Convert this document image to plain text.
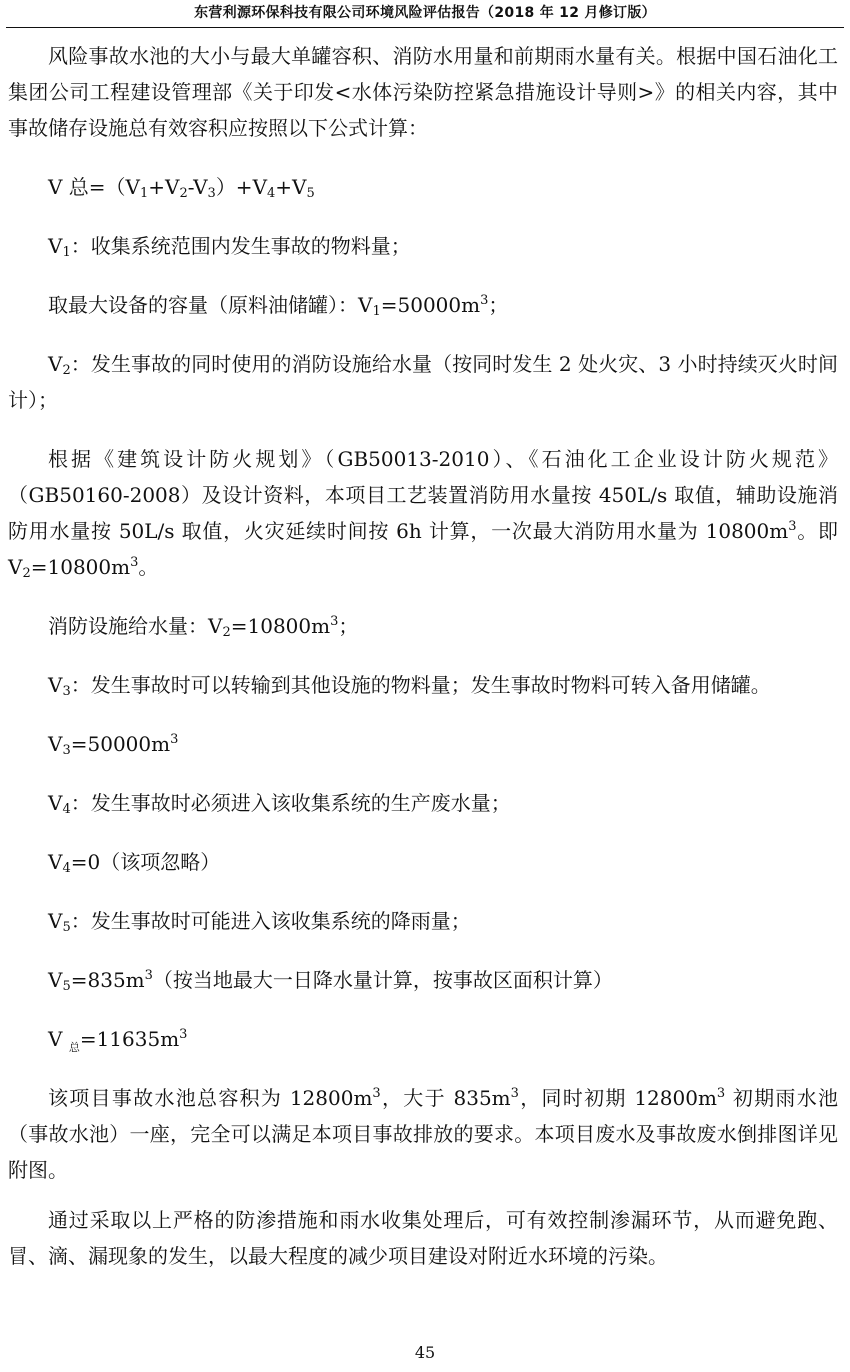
东营利源环保科技有限公司环境风险评估报告（2018 年 12 月修订版）

风险事故水池的大小与最大单罐容积、消防水用量和前期雨水量有关。根据中国石油化工集团公司工程建设管理部《关于印发<水体污染防控紧急措施设计导则>》的相关内容，其中事故储存设施总有效容积应按照以下公式计算：

V 总$=(V_1+V_2-V_3)+V_4+V_5$

$V_1$：收集系统范围内发生事故的物料量；

取最大设备的容量（原料油储罐）：$V_1=50000m^3$；

$V_2$：发生事故的同时使用的消防设施给水量（按同时发生 2 处火灾、3 小时持续灭火时间计）；

根据《建筑设计防火规划》（GB50013-2010）、《石油化工企业设计防火规范》（GB50160-2008）及设计资料，本项目工艺装置消防用水量按 450L/s 取值，辅助设施消防用水量按 50L/s 取值，火灾延续时间按 6h 计算，一次最大消防用水量为 $10800m^3$。即 $V_2=10800m^3$。

消防设施给水量：$V_2=10800m^3$；

$V_3$：发生事故时可以转输到其他设施的物料量；发生事故时物料可转入备用储罐。

$V_3=50000m^3$

$V_4$：发生事故时必须进入该收集系统的生产废水量；

$V_4=0$（该项忽略）

$V_5$：发生事故时可能进入该收集系统的降雨量；

$V_5=835m^3$（按当地最大一日降水量计算，按事故区面积计算）

V $_总=11635m^3$

该项目事故水池总容积为 $12800m^3$，大于 $835m^3$，同时初期 $12800m^3$ 初期雨水池（事故水池）一座，完全可以满足本项目事故排放的要求。本项目废水及事故废水倒排图详见附图。

通过采取以上严格的防渗措施和雨水收集处理后，可有效控制渗漏环节，从而避免跑、冒、滴、漏现象的发生，以最大程度的减少项目建设对附近水环境的污染。

45
